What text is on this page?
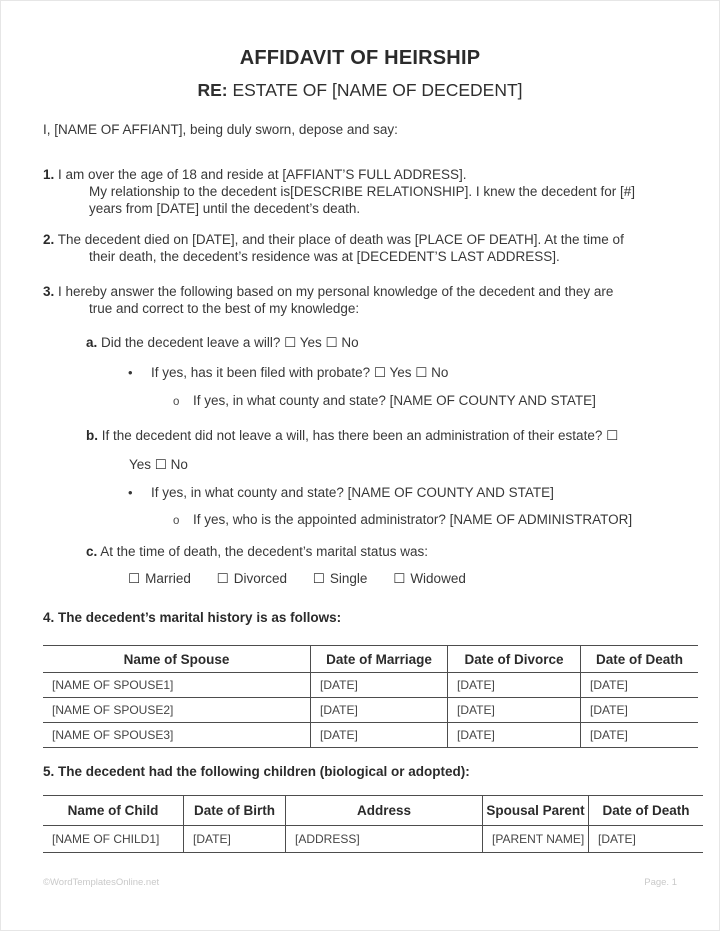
AFFIDAVIT OF HEIRSHIP
RE: ESTATE OF [NAME OF DECEDENT]
I, [NAME OF AFFIANT], being duly sworn, depose and say:
1. I am over the age of 18 and reside at [AFFIANT’S FULL ADDRESS].
My relationship to the decedent is[DESCRIBE RELATIONSHIP]. I knew the decedent for [#]
years from [DATE] until the decedent’s death.
2. The decedent died on [DATE], and their place of death was [PLACE OF DEATH]. At the time of
their death, the decedent’s residence was at [DECEDENT’S LAST ADDRESS].
3. I hereby answer the following based on my personal knowledge of the decedent and they are
true and correct to the best of my knowledge:
a. Did the decedent leave a will? ☐ Yes ☐ No
• If yes, has it been filed with probate? ☐ Yes ☐ No
o If yes, in what county and state? [NAME OF COUNTY AND STATE]
b. If the decedent did not leave a will, has there been an administration of their estate? ☐
Yes ☐ No
• If yes, in what county and state? [NAME OF COUNTY AND STATE]
o If yes, who is the appointed administrator? [NAME OF ADMINISTRATOR]
c. At the time of death, the decedent’s marital status was:
☐ Married ☐ Divorced ☐ Single ☐ Widowed
4. The decedent’s marital history is as follows:
Name of Spouse	Date of Marriage	Date of Divorce	Date of Death
[NAME OF SPOUSE1]	[DATE]	[DATE]	[DATE]
[NAME OF SPOUSE2]	[DATE]	[DATE]	[DATE]
[NAME OF SPOUSE3]	[DATE]	[DATE]	[DATE]
5. The decedent had the following children (biological or adopted):
Name of Child	Date of Birth	Address	Spousal Parent	Date of Death
[NAME OF CHILD1]	[DATE]	[ADDRESS]	[PARENT NAME]	[DATE]
©WordTemplatesOnline.net	Page. 1
